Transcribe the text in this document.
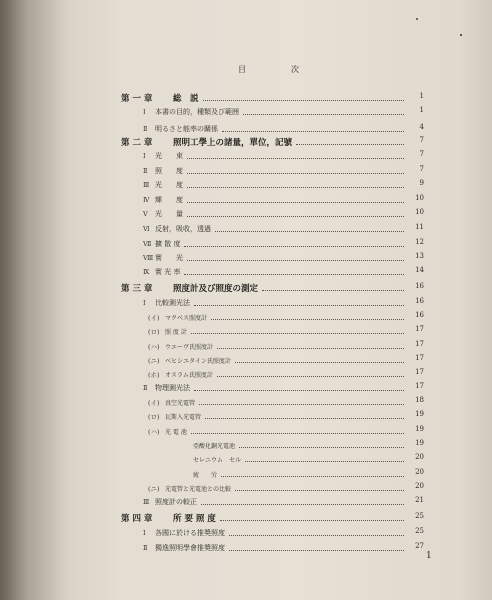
目	次
第 一 章 総　説	1
Ⅰ 本書の目的，種類及び範囲	1
Ⅱ 明るさと能率の關係	4
第 二 章 照明工學上の諸量，單位，記號	7
Ⅰ 光　　束	7
Ⅱ 照　　度	7
Ⅲ 光　　度	9
Ⅳ 輝　　度	10
Ⅴ 光　　量	10
Ⅵ 反射，吸收，透過	11
Ⅶ 擴 散 度	12
Ⅷ 實　　光	13
Ⅸ 實 光 率	14
第 三 章 照度計及び照度の測定	16
Ⅰ 比較測光法	16
(イ) マクベス照度計	16
(ロ) 照 度 計	17
(ハ) ウエーヴ氏照度計	17
(ニ) ベヒシユタイン氏照度計	17
(ホ) オスラム氏照度計	17
Ⅱ 物理測光法	17
(イ) 真空光電管	18
(ロ) 瓦斯入光電管	19
(ハ) 光 電 池	19
亞酸化銅光電池	19
セレニウム　セル	20
疲　　労	20
(ニ) 光電管と光電池との比較	20
Ⅲ 照度計の較正	21
第 四 章 所 要 照 度	25
Ⅰ 各國に於ける推奬照度	25
Ⅱ 獨逸照明學會推奬照度	27
1
